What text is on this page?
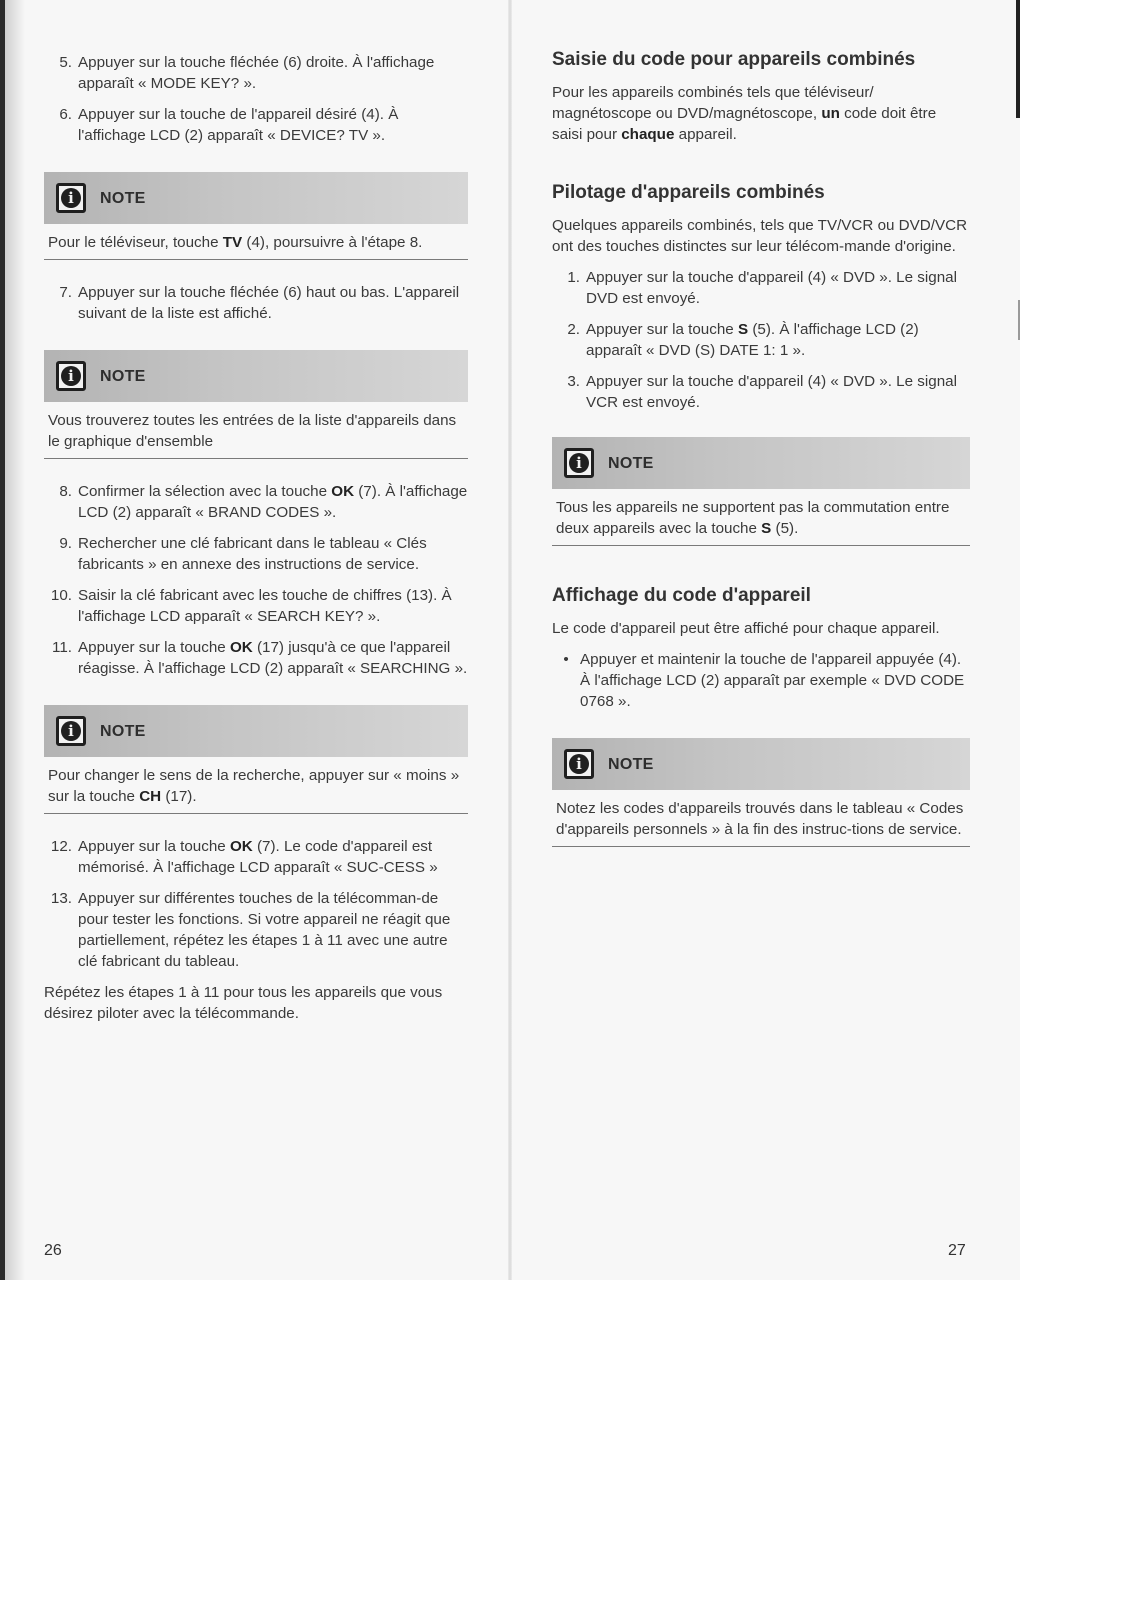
5. Appuyer sur la touche fléchée (6) droite. À l'affichage apparaît « MODE KEY? ».
6. Appuyer sur la touche de l'appareil désiré (4). À l'affichage LCD (2) apparaît « DEVICE? TV ».
i	NOTE
Pour le téléviseur, touche TV (4), poursuivre à l'étape 8.
7. Appuyer sur la touche fléchée (6) haut ou bas. L'appareil suivant de la liste est affiché.
i	NOTE
Vous trouverez toutes les entrées de la liste d'appareils dans le graphique d'ensemble
8. Confirmer la sélection avec la touche OK (7). À l'affichage LCD (2) apparaît « BRAND CODES ».
9. Rechercher une clé fabricant dans le tableau « Clés fabricants » en annexe des instructions de service.
10. Saisir la clé fabricant avec les touche de chiffres (13). À l'affichage LCD apparaît « SEARCH KEY? ».
11. Appuyer sur la touche OK (17) jusqu'à ce que l'appareil réagisse. À l'affichage LCD (2) apparaît « SEARCHING ».
i	NOTE
Pour changer le sens de la recherche, appuyer sur « moins » sur la touche CH (17).
12. Appuyer sur la touche OK (7). Le code d'appareil est mémorisé. À l'affichage LCD apparaît « SUC-CESS »
13. Appuyer sur différentes touches de la télécomman-de pour tester les fonctions. Si votre appareil ne réagit que partiellement, répétez les étapes 1 à 11 avec une autre clé fabricant du tableau.

Répétez les étapes 1 à 11 pour tous les appareils que vous désirez piloter avec la télécommande.

26
Saisie du code pour appareils combinés

Pour les appareils combinés tels que téléviseur/ magnétoscope ou DVD/magnétoscope, un code doit être saisi pour chaque appareil.

Pilotage d'appareils combinés

Quelques appareils combinés, tels que TV/VCR ou DVD/VCR ont des touches distinctes sur leur télécom-mande d'origine.

1. Appuyer sur la touche d'appareil (4) « DVD ». Le signal DVD est envoyé.
2. Appuyer sur la touche S (5). À l'affichage LCD (2) apparaît « DVD (S) DATE 1: 1 ».
3. Appuyer sur la touche d'appareil (4) « DVD ». Le signal VCR est envoyé.
i	NOTE
Tous les appareils ne supportent pas la commutation entre deux appareils avec la touche S (5).
Affichage du code d'appareil

Le code d'appareil peut être affiché pour chaque appareil.

• Appuyer et maintenir la touche de l'appareil appuyée (4). À l'affichage LCD (2) apparaît par exemple « DVD CODE 0768 ».
i	NOTE
Notez les codes d'appareils trouvés dans le tableau « Codes d'appareils personnels » à la fin des instruc-tions de service.
27
